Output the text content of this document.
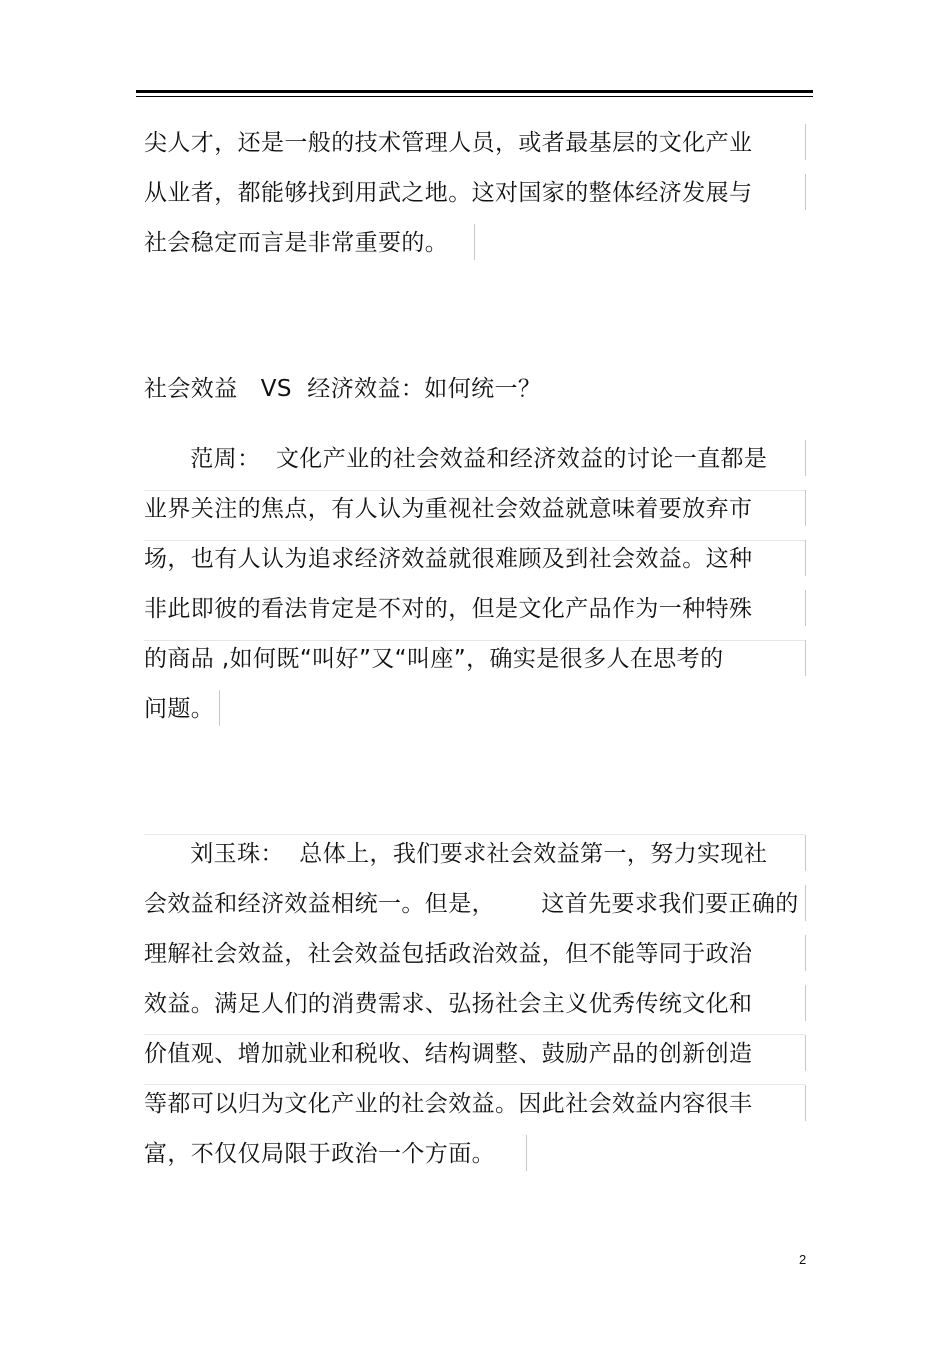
尖人才，还是一般的技术管理人员，或者最基层的文化产业
从业者，都能够找到用武之地。这对国家的整体经济发展与
社会稳定而言是非常重要的。
社会效益   VS  经济效益：如何统一？
范周：  文化产业的社会效益和经济效益的讨论一直都是
业界关注的焦点，有人认为重视社会效益就意味着要放弃市
场，也有人认为追求经济效益就很难顾及到社会效益。这种
非此即彼的看法肯定是不对的，但是文化产品作为一种特殊
的商品 ,如何既“叫好”又“叫座”，确实是很多人在思考的
问题。
刘玉珠：  总体上，我们要求社会效益第一，努力实现社
会效益和经济效益相统一。但是，      这首先要求我们要正确的
理解社会效益，社会效益包括政治效益，但不能等同于政治
效益。满足人们的消费需求、弘扬社会主义优秀传统文化和
价值观、增加就业和税收、结构调整、鼓励产品的创新创造
等都可以归为文化产业的社会效益。因此社会效益内容很丰
富，不仅仅局限于政治一个方面。
2
